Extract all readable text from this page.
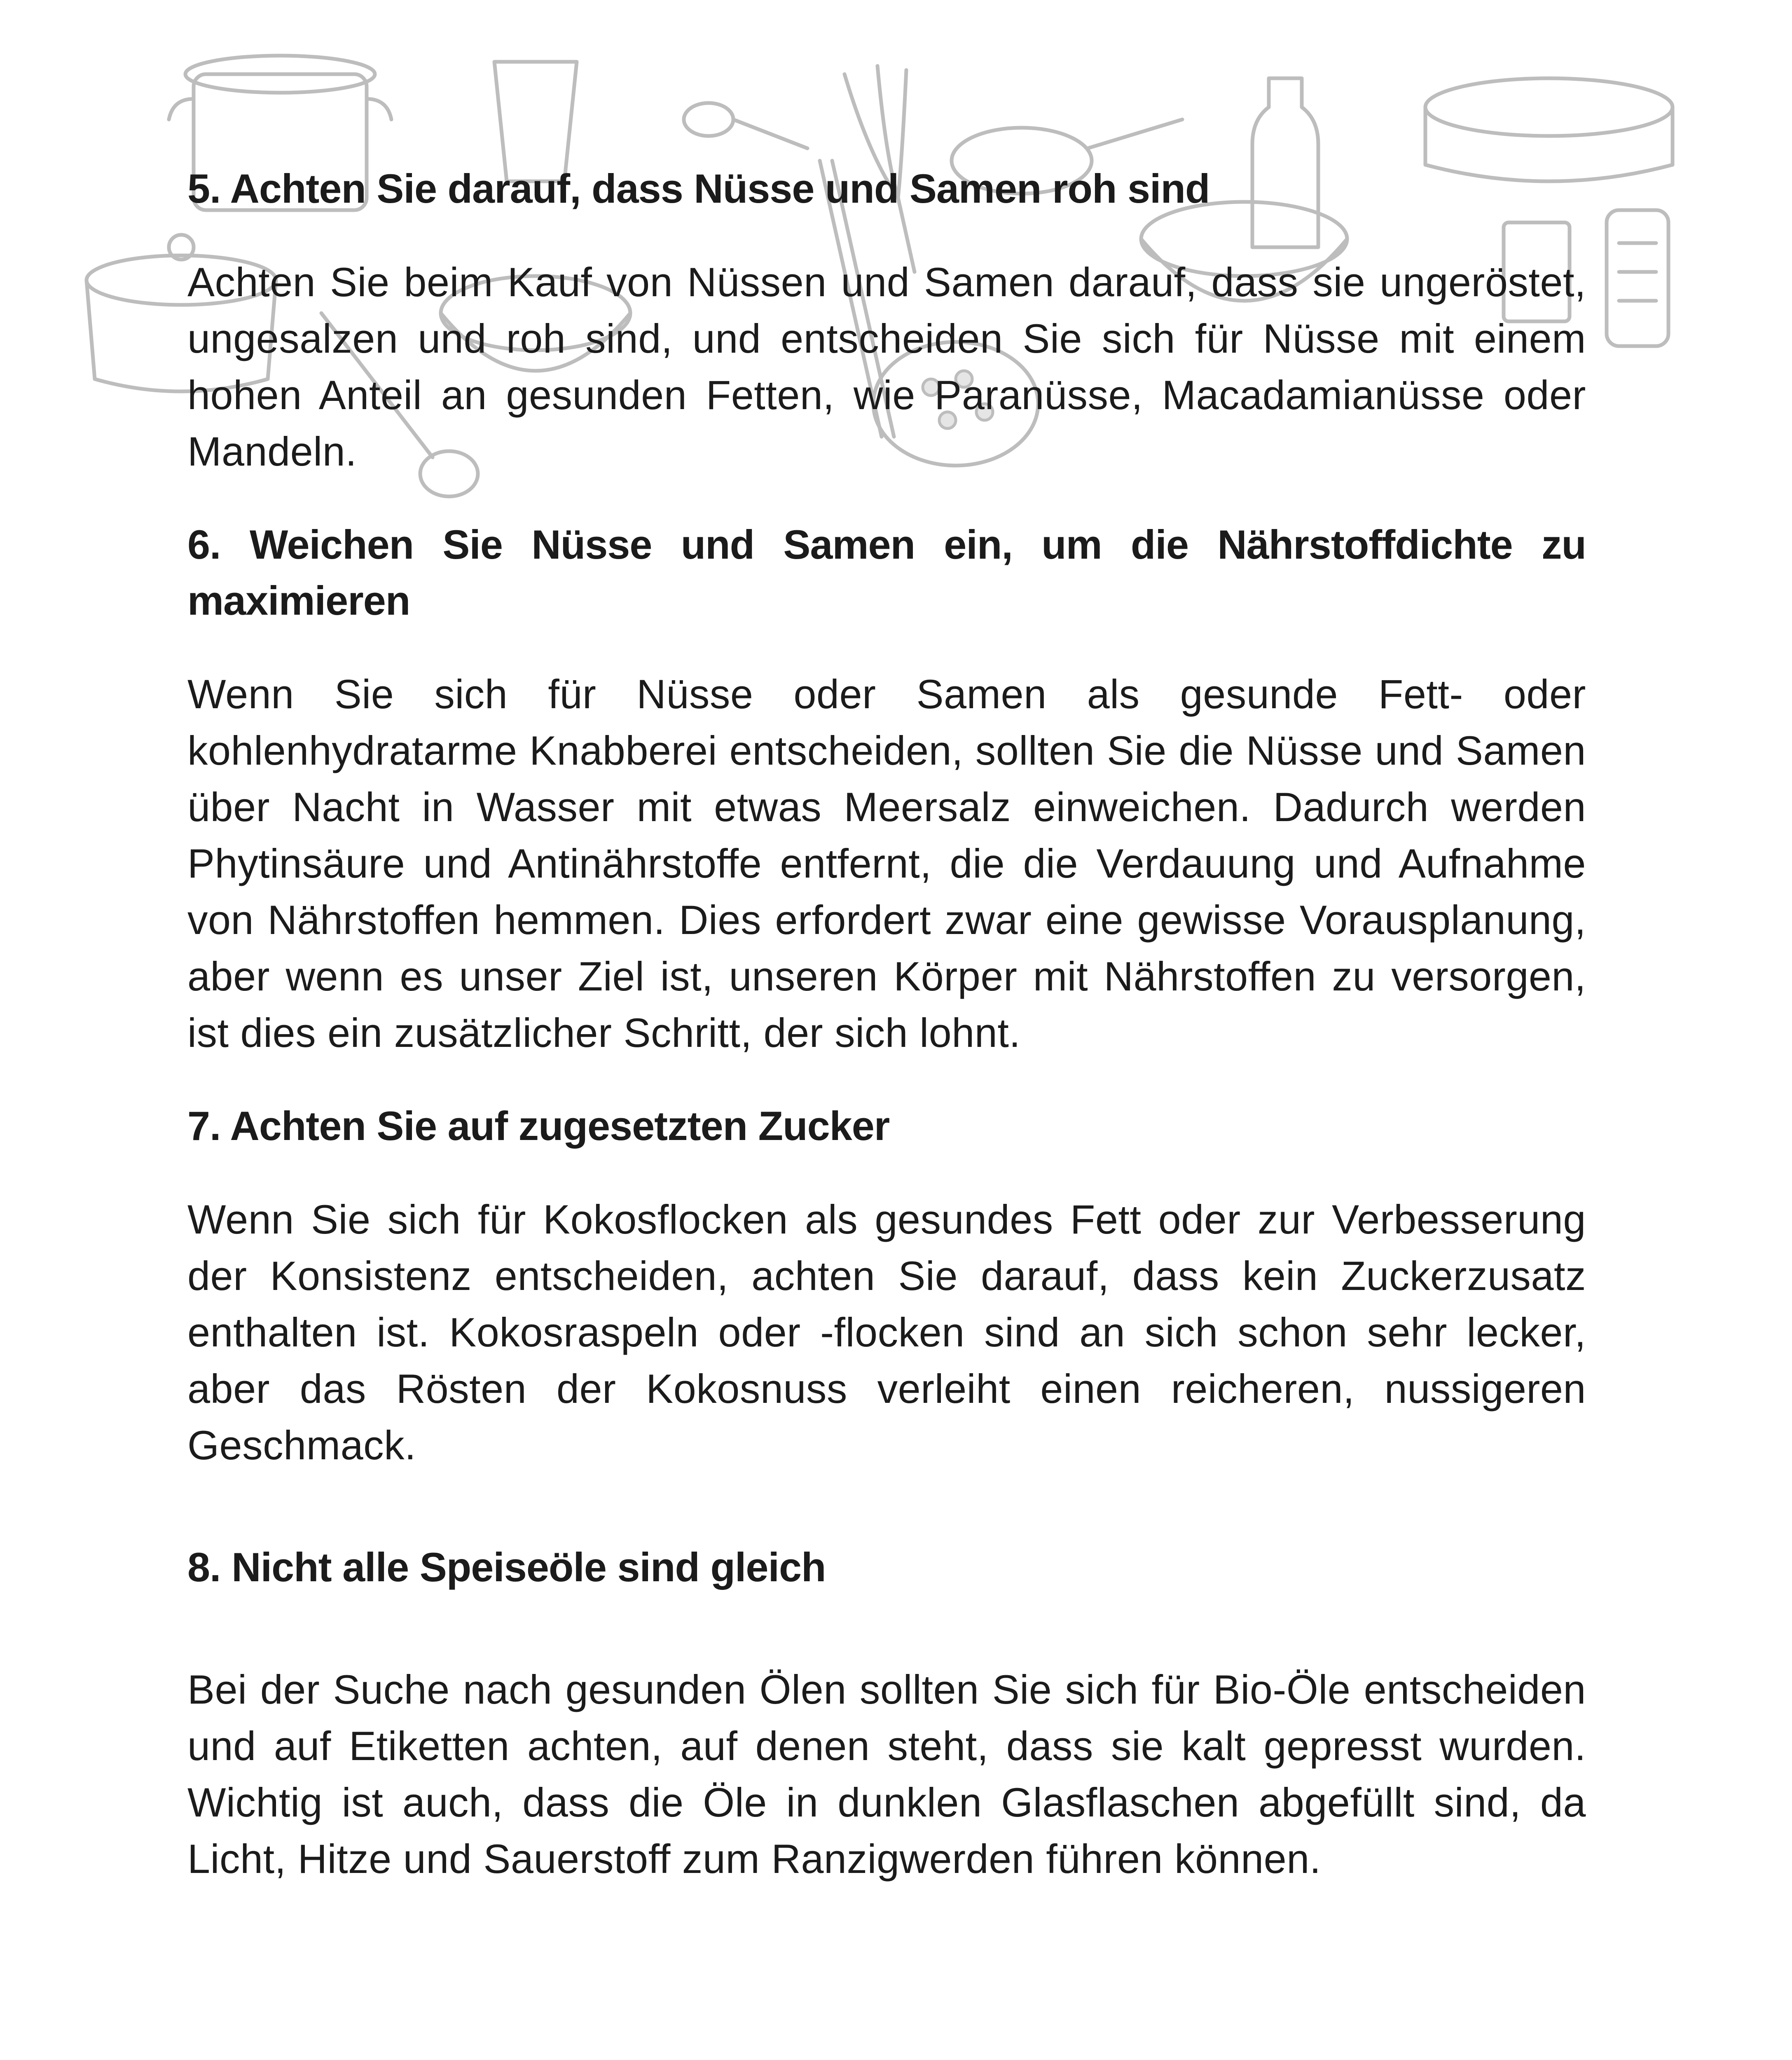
5. Achten Sie darauf, dass Nüsse und Samen roh sind

Achten Sie beim Kauf von Nüssen und Samen darauf, dass sie ungeröstet, ungesalzen und roh sind, und entscheiden Sie sich für Nüsse mit einem hohen Anteil an gesunden Fetten, wie Paranüsse, Macadamianüsse oder Mandeln.

6. Weichen Sie Nüsse und Samen ein, um die Nährstoffdichte zu maximieren

Wenn Sie sich für Nüsse oder Samen als gesunde Fett- oder kohlenhydratarme Knabberei entscheiden, sollten Sie die Nüsse und Samen über Nacht in Wasser mit etwas Meersalz einweichen. Dadurch werden Phytinsäure und Antinährstoffe entfernt, die die Verdauung und Aufnahme von Nährstoffen hemmen. Dies erfordert zwar eine gewisse Vorausplanung, aber wenn es unser Ziel ist, unseren Körper mit Nährstoffen zu versorgen, ist dies ein zusätzlicher Schritt, der sich lohnt.

7. Achten Sie auf zugesetzten Zucker

Wenn Sie sich für Kokosflocken als gesundes Fett oder zur Verbesserung der Konsistenz entscheiden, achten Sie darauf, dass kein Zuckerzusatz enthalten ist. Kokosraspeln oder -flocken sind an sich schon sehr lecker, aber das Rösten der Kokosnuss verleiht einen reicheren, nussigeren Geschmack.

8. Nicht alle Speiseöle sind gleich

Bei der Suche nach gesunden Ölen sollten Sie sich für Bio-Öle entscheiden und auf Etiketten achten, auf denen steht, dass sie kalt gepresst wurden. Wichtig ist auch, dass die Öle in dunklen Glasflaschen abgefüllt sind, da Licht, Hitze und Sauerstoff zum Ranzigwerden führen können.
